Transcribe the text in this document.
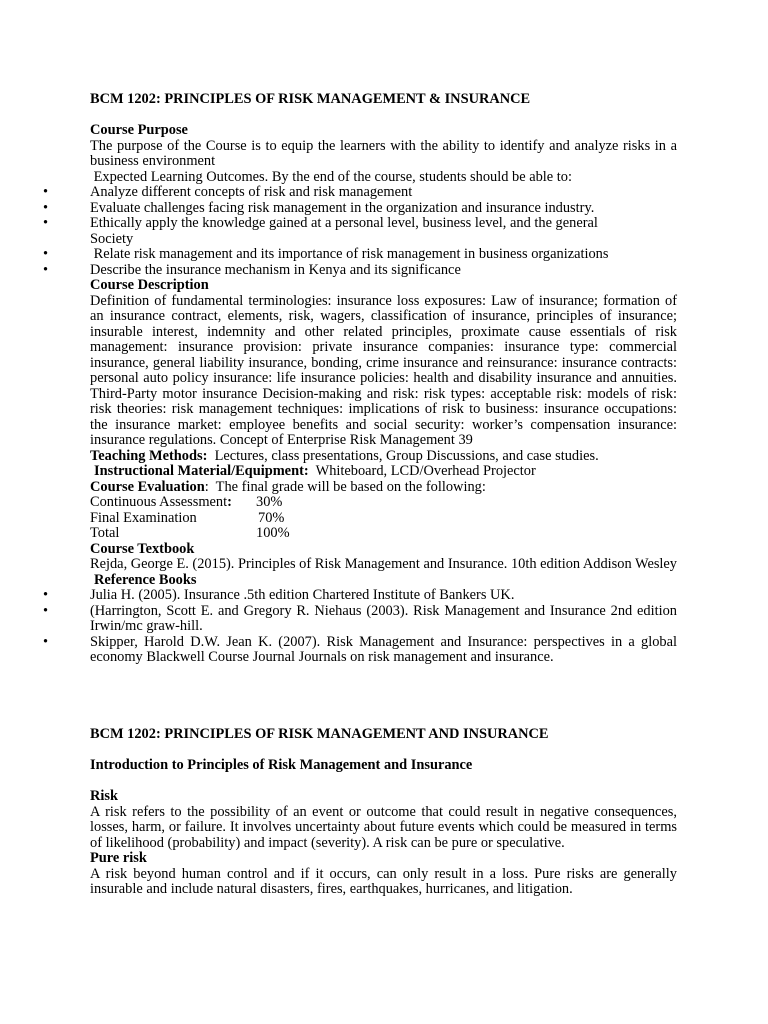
BCM 1202: PRINCIPLES OF RISK MANAGEMENT & INSURANCE

Course Purpose

The purpose of the Course is to equip the learners with the ability to identify and analyze risks in a business environment

Expected Learning Outcomes. By the end of the course, students should be able to:

•	Analyze different concepts of risk and risk management
•	Evaluate challenges facing risk management in the organization and insurance industry.
•	Ethically apply the knowledge gained at a personal level, business level, and the general Society
•	Relate risk management and its importance of risk management in business organizations
•	Describe the insurance mechanism in Kenya and its significance

Course Description

Definition of fundamental terminologies: insurance loss exposures: Law of insurance; formation of an insurance contract, elements, risk, wagers, classification of insurance, principles of insurance; insurable interest, indemnity and other related principles, proximate cause essentials of risk management: insurance provision: private insurance companies: insurance type: commercial insurance, general liability insurance, bonding, crime insurance and reinsurance: insurance contracts: personal auto policy insurance: life insurance policies: health and disability insurance and annuities. Third-Party motor insurance Decision-making and risk: risk types: acceptable risk: models of risk: risk theories: risk management techniques: implications of risk to business: insurance occupations: the insurance market: employee benefits and social security: worker’s compensation insurance: insurance regulations. Concept of Enterprise Risk Management 39

Teaching Methods:  Lectures, class presentations, Group Discussions, and case studies.

Instructional Material/Equipment:  Whiteboard, LCD/Overhead Projector

Course Evaluation:  The final grade will be based on the following:

Continuous Assessment:	30%
Final Examination	70%
Total	100%

Course Textbook

Rejda, George E. (2015). Principles of Risk Management and Insurance. 10th edition Addison Wesley

Reference Books

•	Julia H. (2005). Insurance .5th edition Chartered Institute of Bankers UK.
•	(Harrington, Scott E. and Gregory R. Niehaus (2003). Risk Management and Insurance 2nd edition Irwin/mc graw-hill.
•	Skipper, Harold D.W. Jean K. (2007). Risk Management and Insurance: perspectives in a global economy Blackwell Course Journal Journals on risk management and insurance.

BCM 1202: PRINCIPLES OF RISK MANAGEMENT AND INSURANCE

Introduction to Principles of Risk Management and Insurance

Risk

A risk refers to the possibility of an event or outcome that could result in negative consequences, losses, harm, or failure. It involves uncertainty about future events which could be measured in terms of likelihood (probability) and impact (severity). A risk can be pure or speculative.

Pure risk

A risk beyond human control and if it occurs, can only result in a loss. Pure risks are generally insurable and include natural disasters, fires, earthquakes, hurricanes, and litigation.
